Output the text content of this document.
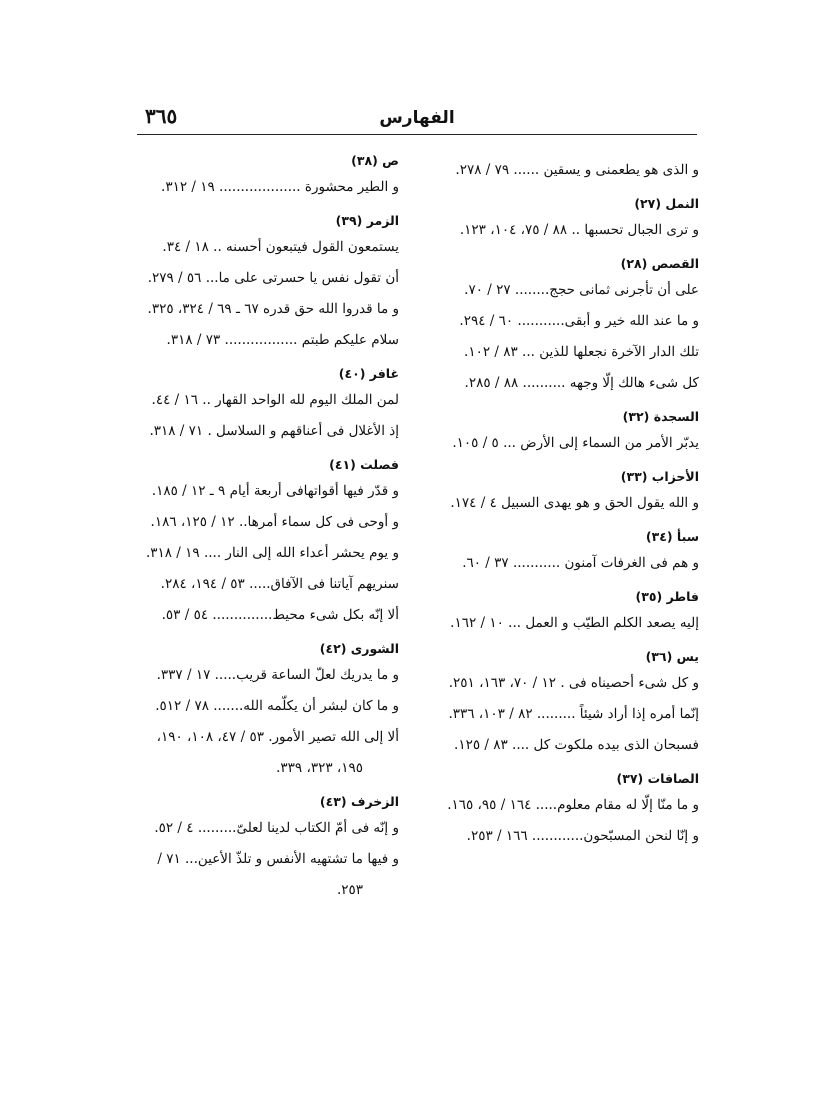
الفهارس
٣٦٥
و الذى هو يطعمنى و يسقين ...... ٧٩ / ٢٧٨.
النمل (٢٧)
و ترى الجبال تحسبها .. ٨٨ / ٧٥، ١٠٤، ١٢٣.
القصص (٢٨)
على أن تأجرنى ثمانى حجج........ ٢٧ / ٧٠.
و ما عند الله خير و أبقى........... ٦٠ / ٢٩٤.
تلك الدار الآخرة نجعلها للذين ... ٨٣ / ١٠٢.
كل شىء هالك إلّا وجهه .......... ٨٨ / ٢٨٥.
السجدة (٣٢)
يدبّر الأمر من السماء إلى الأرض ... ٥ / ١٠٥.
الأحزاب (٣٣)
و الله يقول الحق و هو يهدى السبيل ٤ / ١٧٤.
سبأ (٣٤)
و هم فى الغرفات آمنون ........... ٣٧ / ٦٠.
فاطر (٣٥)
إليه يصعد الكلم الطيّب و العمل ... ١٠ / ١٦٢.
يس (٣٦)
و كل شىء أحصيناه فى . ١٢ / ٧٠، ١٦٣، ٢٥١.
إنّما أمره إذا أراد شيئاً ......... ٨٢ / ١٠٣، ٣٣٦.
فسبحان الذى بيده ملكوت كل .... ٨٣ / ١٢٥.
الصافات (٣٧)
و ما منّا إلّا له مقام معلوم..... ١٦٤ / ٩٥، ١٦٥.
و إنّا لنحن المسبّحون............ ١٦٦ / ٢٥٣.
ص (٣٨)
و الطير محشورة ................... ١٩ / ٣١٢.
الزمر (٣٩)
يستمعون القول فيتبعون أحسنه .. ١٨ / ٣٤.
أن تقول نفس يا حسرتى على ما... ٥٦ / ٢٧٩.
و ما قدروا الله حق قدره ٦٧ ـ ٦٩ / ٣٢٤، ٣٢٥.
سلام عليكم طبتم ................. ٧٣ / ٣١٨.
غافر (٤٠)
لمن الملك اليوم لله الواحد القهار .. ١٦ / ٤٤.
إذ الأغلال فى أعناقهم و السلاسل . ٧١ / ٣١٨.
فصلت (٤١)
و قدّر فيها أقواتهافى أربعة أيام ٩ ـ ١٢ / ١٨٥.
و أوحى فى كل سماء أمرها.. ١٢ / ١٢٥، ١٨٦.
و يوم يحشر أعداء الله إلى النار .... ١٩ / ٣١٨.
سنريهم آياتنا فى الآفاق..... ٥٣ / ١٩٤، ٢٨٤.
ألا إنّه بكل شىء محيط.............. ٥٤ / ٥٣.
الشورى (٤٢)
و ما يدريك لعلّ الساعة قريب..... ١٧ / ٣٣٧.
و ما كان لبشر أن يكلّمه الله....... ٧٨ / ٥١٢.
ألا إلى الله تصير الأمور. ٥٣ / ٤٧، ١٠٨، ١٩٠،
١٩٥، ٣٢٣، ٣٣٩.
الزخرف (٤٣)
و إنّه فى أمّ الكتاب لدينا لعلىّ......... ٤ / ٥٢.
و فيها ما تشتهيه الأنفس و تلذّ الأعين... ٧١ /
٢٥٣.
